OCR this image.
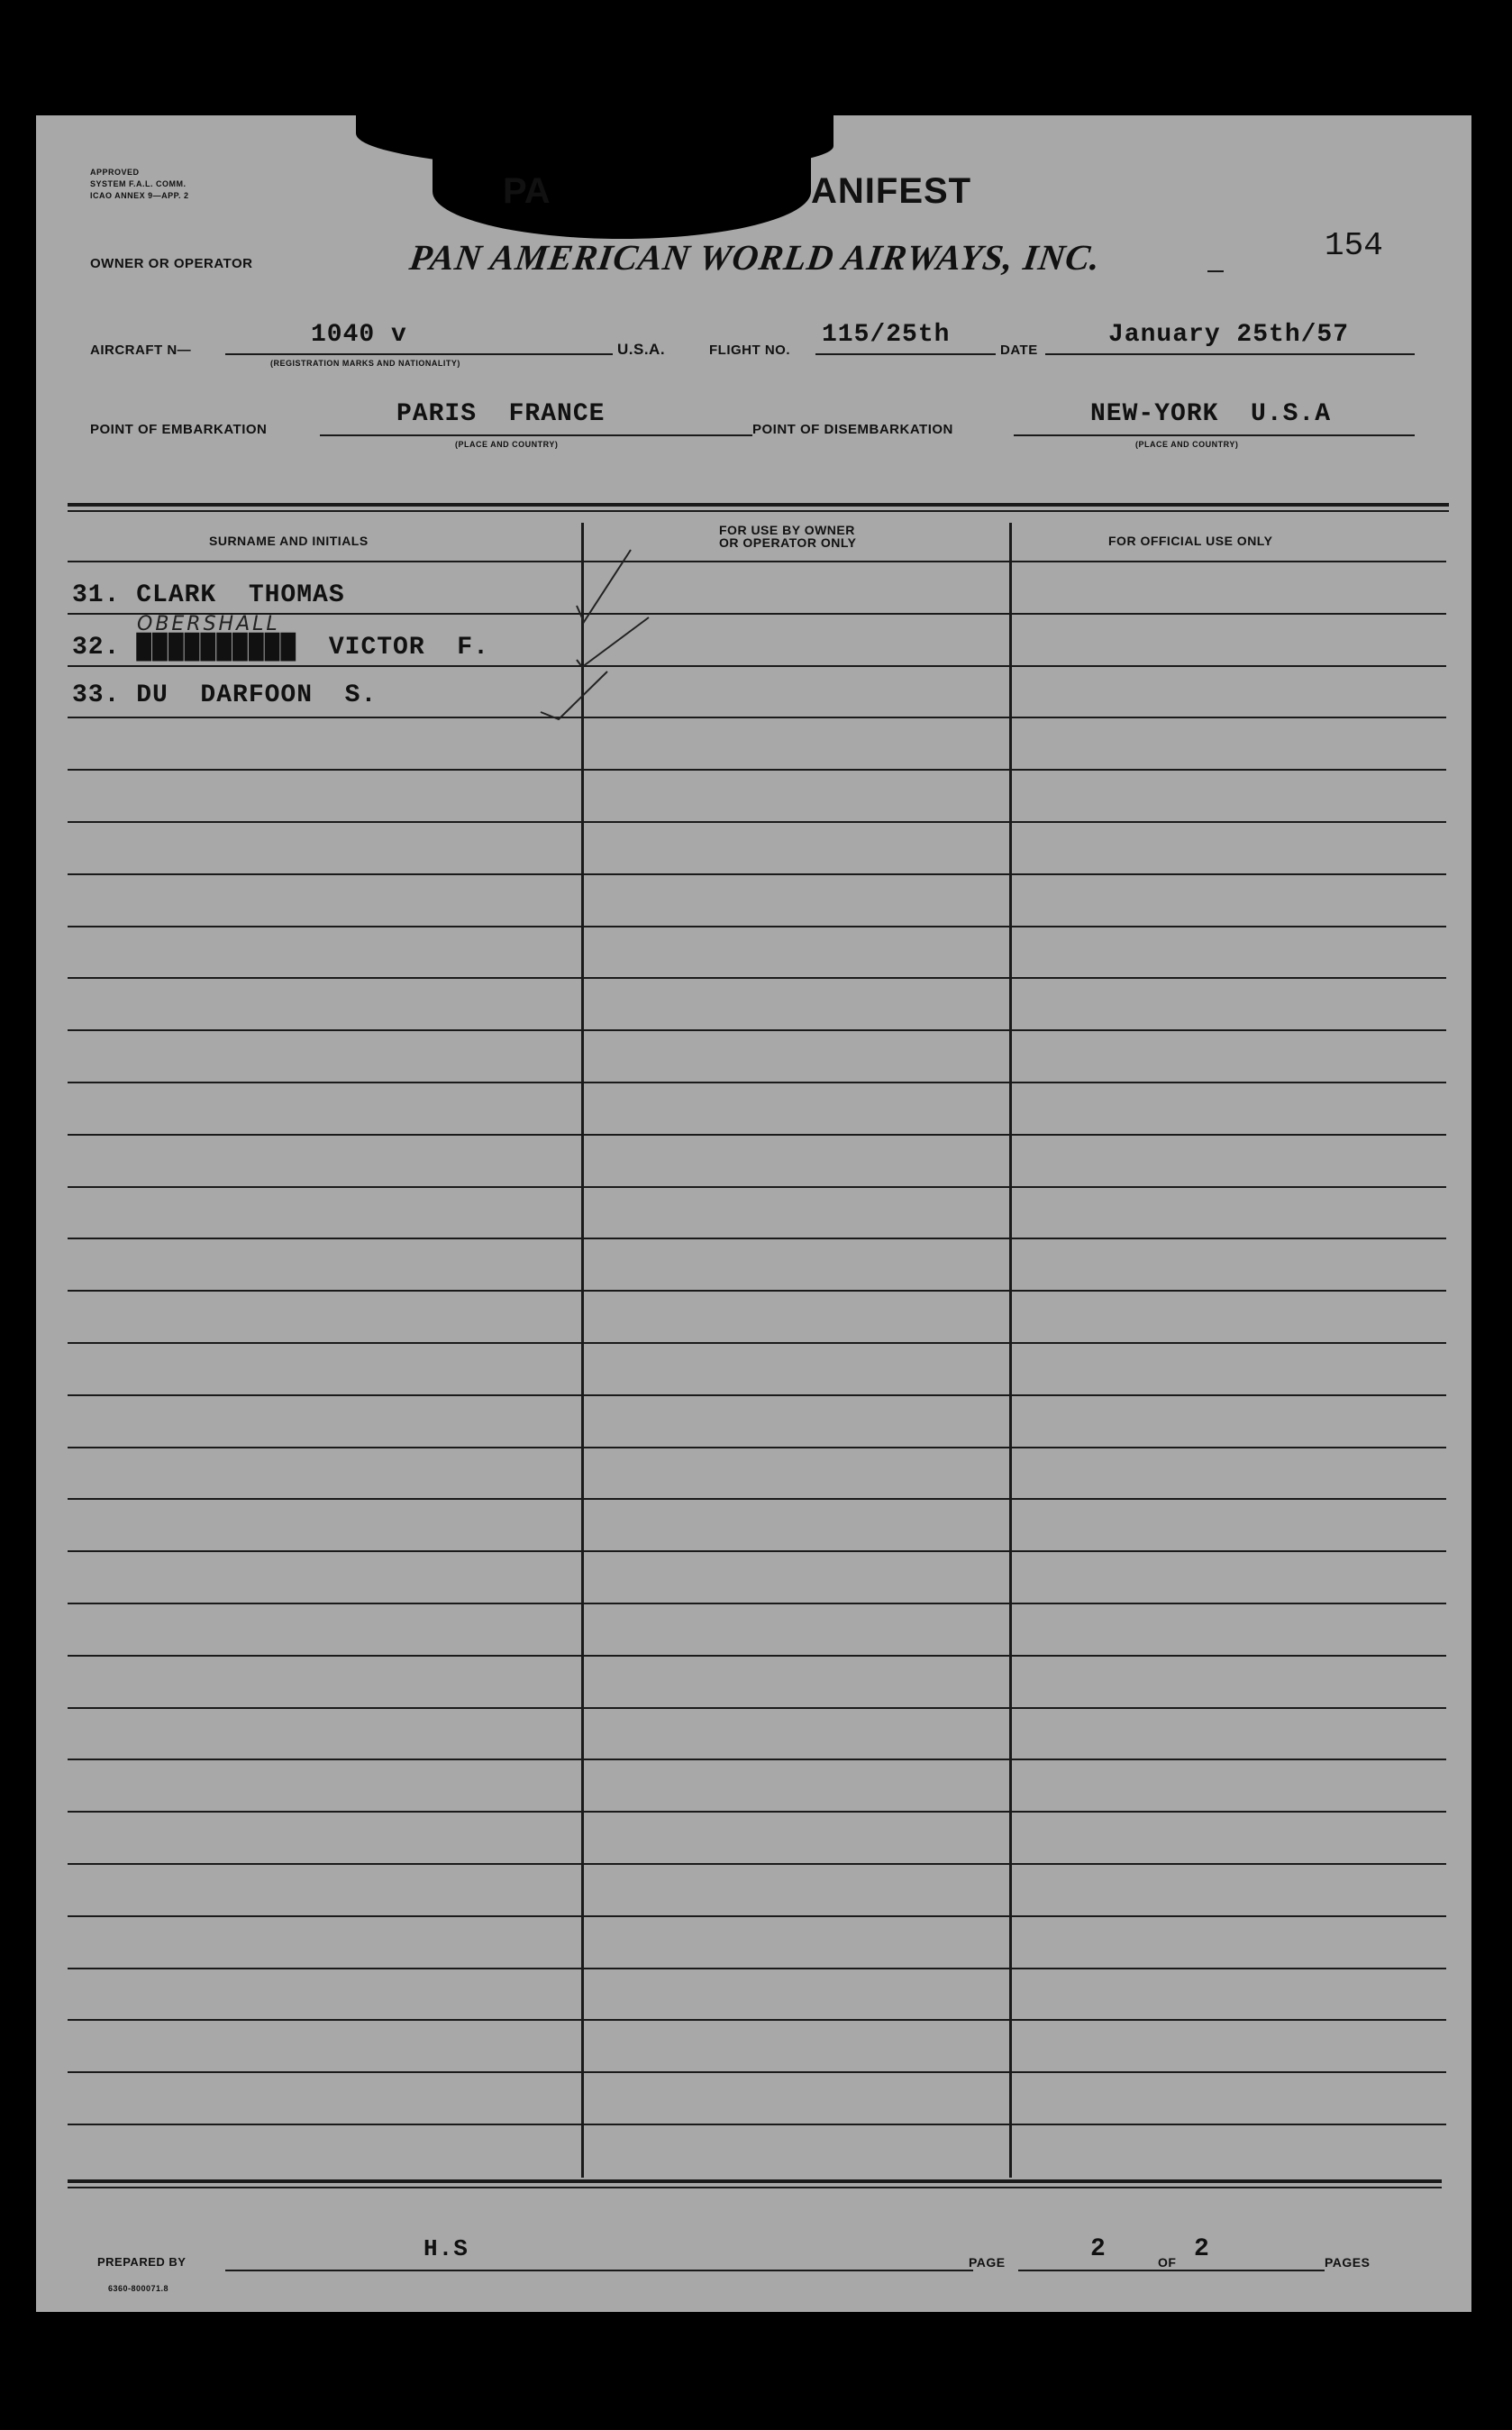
APPROVED
SYSTEM F.A.L. COMM.
ICAO ANNEX 9—APP. 2	PA	ANIFEST
OWNER OR OPERATOR	PAN AMERICAN WORLD AIRWAYS, INC.	154
AIRCRAFT N—
1040 v
(REGISTRATION MARKS AND NATIONALITY)
U.S.A.	FLIGHT NO.
115/25th
DATE
January 25th/57
POINT OF EMBARKATION
PARIS  FRANCE
(PLACE AND COUNTRY)
POINT OF DISEMBARKATION
NEW-YORK  U.S.A
(PLACE AND COUNTRY)
SURNAME AND INITIALS
FOR USE BY OWNER
OR OPERATOR ONLY	FOR OFFICIAL USE ONLY
31. CLARK  THOMAS
32. ██████████  VICTOR  F.
OBERSHALL
33. DU  DARFOON  S.
PREPARED BY	H.S	PAGE	2	OF 2	PAGES
6360-800071.8
